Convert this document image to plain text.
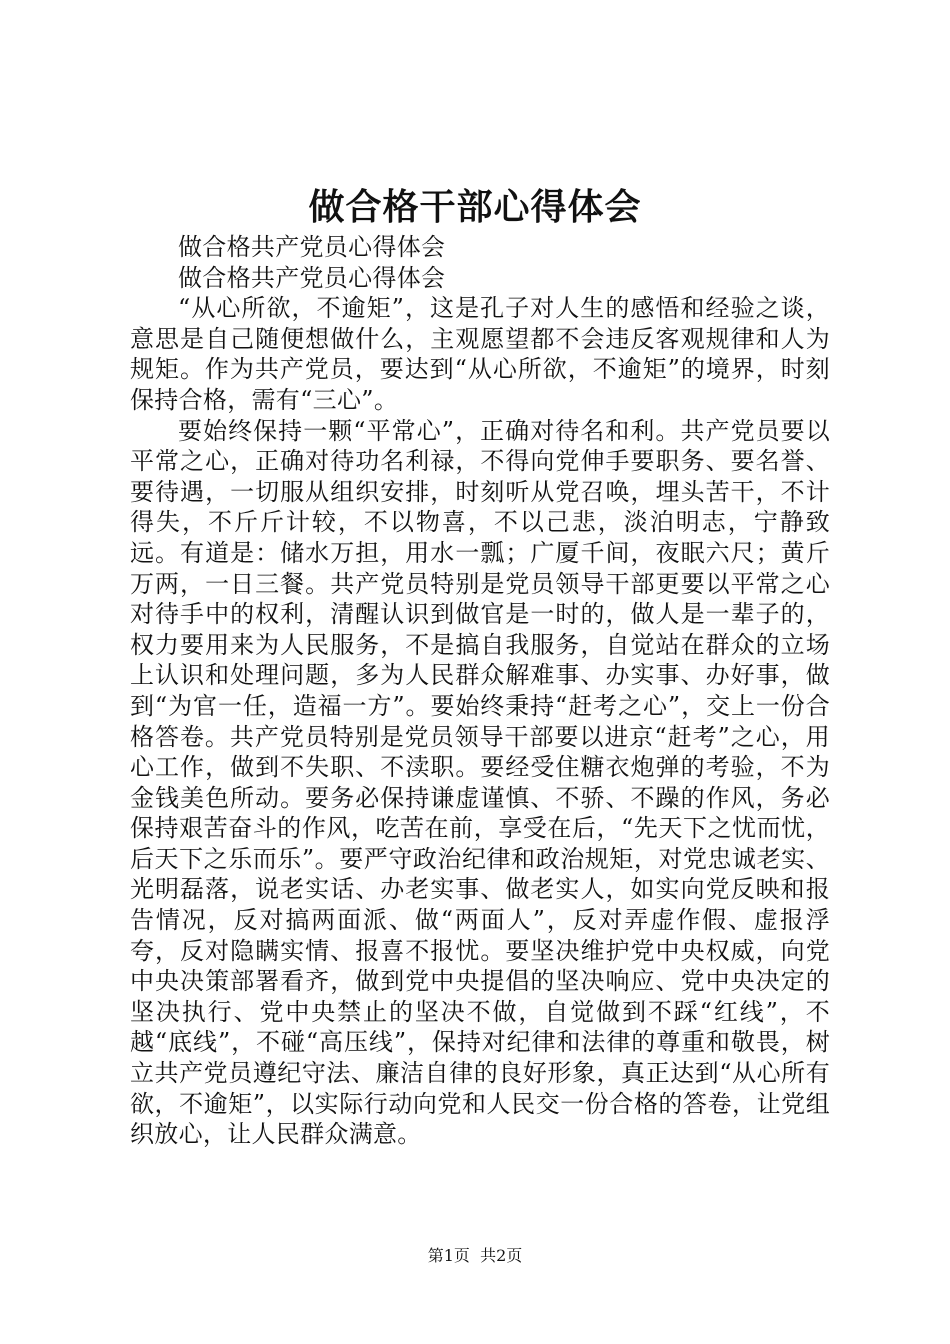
做合格干部心得体会

做合格共产党员心得体会

做合格共产党员心得体会

“从心所欲，不逾矩”，这是孔子对人生的感悟和经验之谈，意思是自己随便想做什么，主观愿望都不会违反客观规律和人为规矩。作为共产党员，要达到“从心所欲，不逾矩”的境界，时刻保持合格，需有“三心”。

要始终保持一颗“平常心”，正确对待名和利。共产党员要以平常之心，正确对待功名利禄，不得向党伸手要职务、要名誉、要待遇，一切服从组织安排，时刻听从党召唤，埋头苦干，不计得失，不斤斤计较，不以物喜，不以己悲，淡泊明志，宁静致远。有道是：储水万担，用水一瓢；广厦千间，夜眠六尺；黄斤万两，一日三餐。共产党员特别是党员领导干部更要以平常之心对待手中的权利，清醒认识到做官是一时的，做人是一辈子的，权力要用来为人民服务，不是搞自我服务，自觉站在群众的立场上认识和处理问题，多为人民群众解难事、办实事、办好事，做到“为官一任，造福一方”。要始终秉持“赶考之心”，交上一份合格答卷。共产党员特别是党员领导干部要以进京“赶考”之心，用心工作，做到不失职、不渎职。要经受住糖衣炮弹的考验，不为金钱美色所动。要务必保持谦虚谨慎、不骄、不躁的作风，务必保持艰苦奋斗的作风，吃苦在前，享受在后，“先天下之忧而忧，后天下之乐而乐”。要严守政治纪律和政治规矩，对党忠诚老实、光明磊落，说老实话、办老实事、做老实人，如实向党反映和报告情况，反对搞两面派、做“两面人”，反对弄虚作假、虚报浮夸，反对隐瞒实情、报喜不报忧。要坚决维护党中央权威，向党中央决策部署看齐，做到党中央提倡的坚决响应、党中央决定的坚决执行、党中央禁止的坚决不做，自觉做到不踩“红线”，不越“底线”，不碰“高压线”，保持对纪律和法律的尊重和敬畏，树立共产党员遵纪守法、廉洁自律的良好形象，真正达到“从心所有欲，不逾矩”，以实际行动向党和人民交一份合格的答卷，让党组织放心，让人民群众满意。

第1页  共2页
